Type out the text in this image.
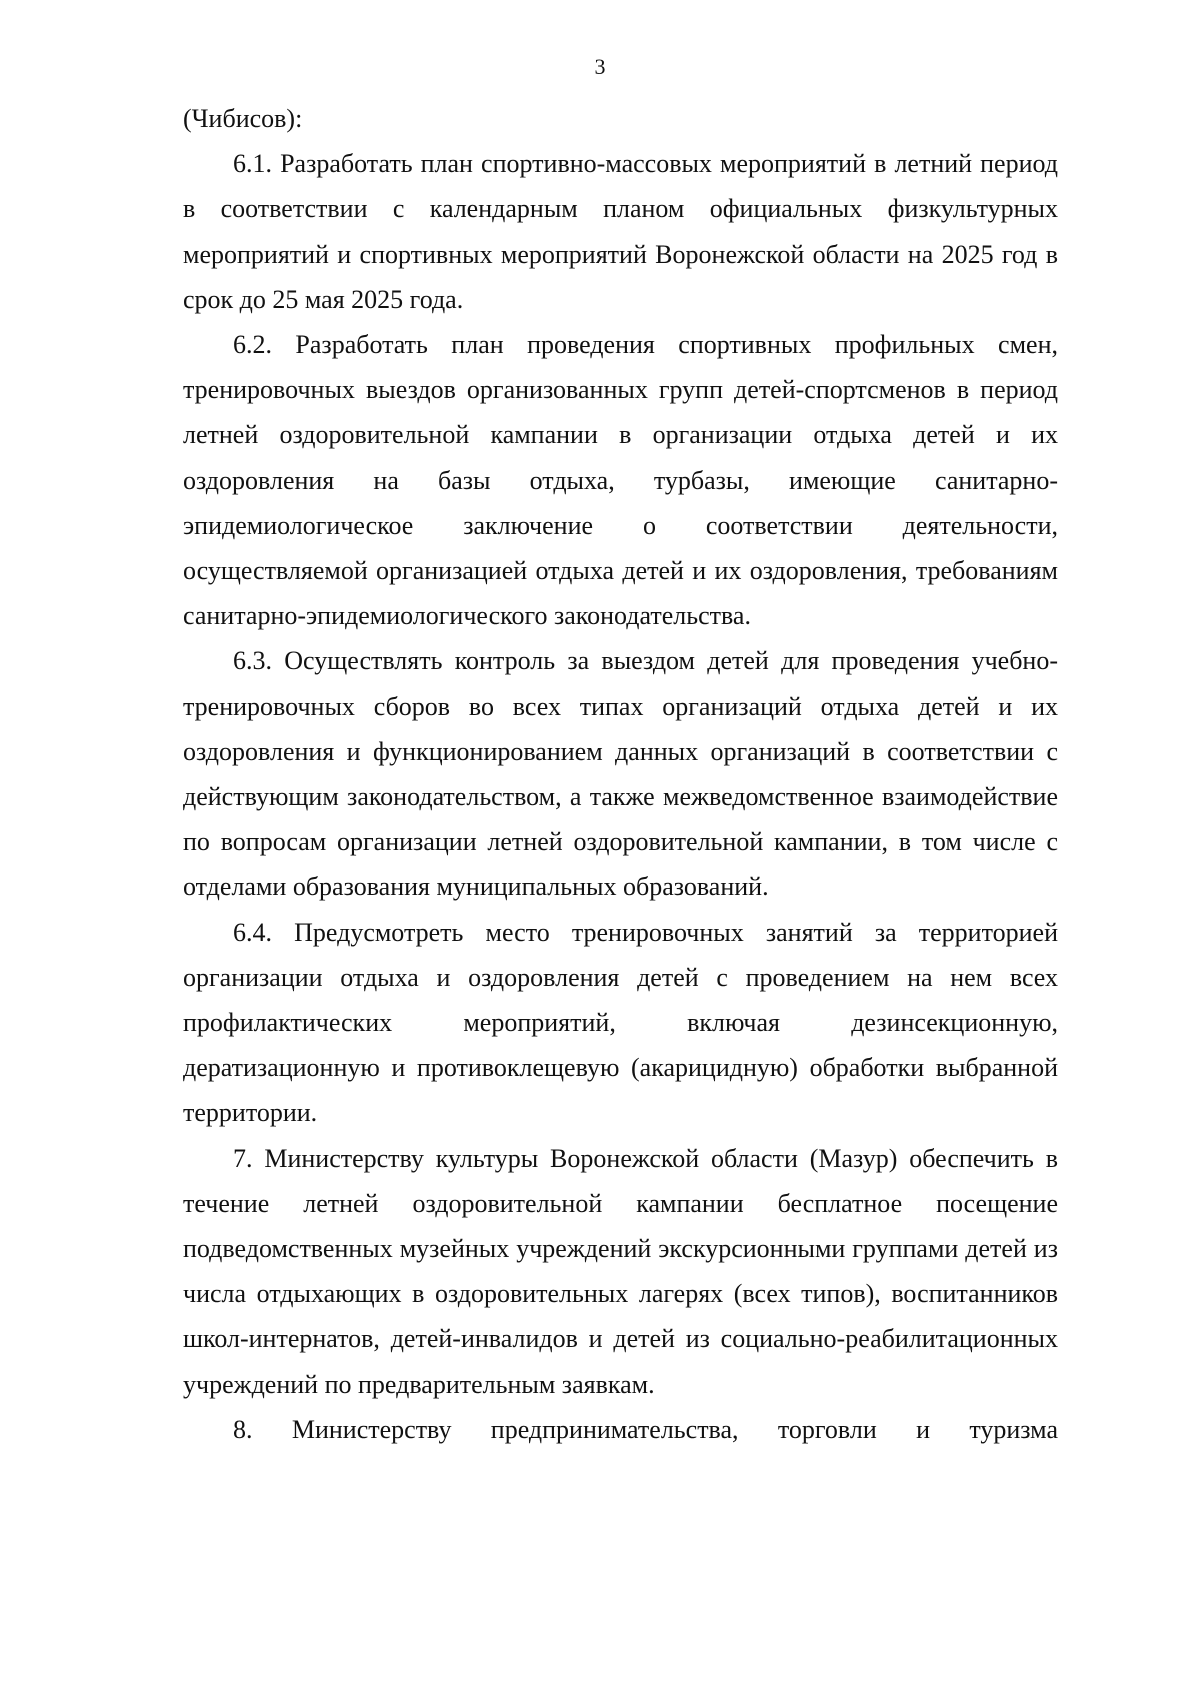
3

(Чибисов):

6.1. Разработать план спортивно-массовых мероприятий в летний период в соответствии с календарным планом официальных физкультурных мероприятий и спортивных мероприятий Воронежской области на 2025 год в срок до 25 мая 2025 года.

6.2. Разработать план проведения спортивных профильных смен, тренировочных выездов организованных групп детей-спортсменов в период летней оздоровительной кампании в организации отдыха детей и их оздоровления на базы отдыха, турбазы, имеющие санитарно-эпидемиологическое заключение о соответствии деятельности, осуществляемой организацией отдыха детей и их оздоровления, требованиям санитарно-эпидемиологического законодательства.

6.3. Осуществлять контроль за выездом детей для проведения учебно-тренировочных сборов во всех типах организаций отдыха детей и их оздоровления и функционированием данных организаций в соответствии с действующим законодательством, а также межведомственное взаимодействие по вопросам организации летней оздоровительной кампании, в том числе с отделами образования муниципальных образований.

6.4. Предусмотреть место тренировочных занятий за территорией организации отдыха и оздоровления детей с проведением на нем всех профилактических мероприятий, включая дезинсекционную, дератизационную и противоклещевую (акарицидную) обработки выбранной территории.

7. Министерству культуры Воронежской области (Мазур) обеспечить в течение летней оздоровительной кампании бесплатное посещение подведомственных музейных учреждений экскурсионными группами детей из числа отдыхающих в оздоровительных лагерях (всех типов), воспитанников школ-интернатов, детей-инвалидов и детей из социально-реабилитационных учреждений по предварительным заявкам.

8. Министерству предпринимательства, торговли и туризма
